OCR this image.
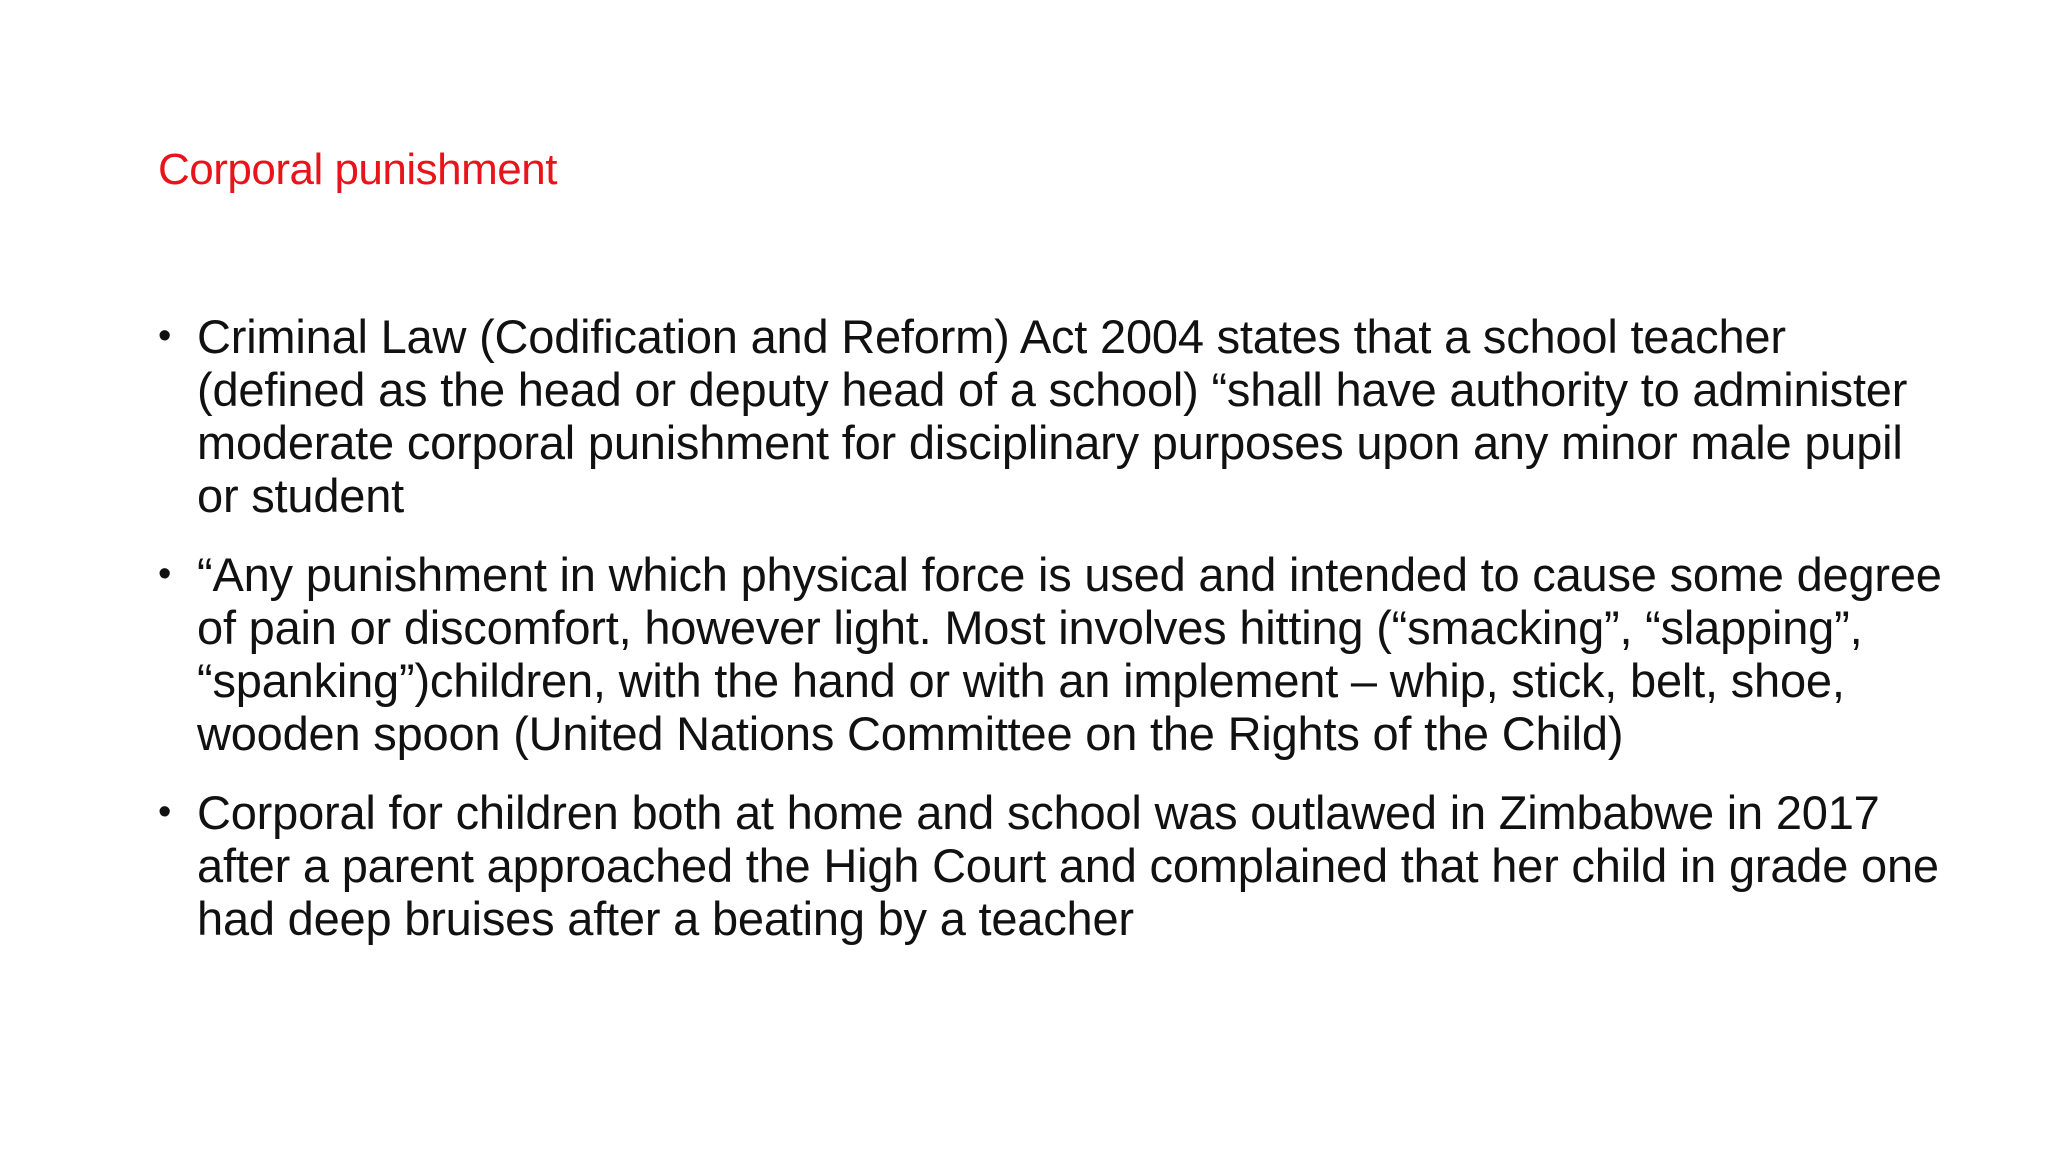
Corporal punishment
• Criminal Law (Codification and Reform) Act 2004 states that a school teacher (defined as the head or deputy head of a school) “shall have authority to administer moderate corporal punishment for disciplinary purposes upon any minor male pupil or student
• “Any punishment in which physical force is used and intended to cause some degree of pain or discomfort, however light. Most involves hitting (“smacking”, “slapping”, “spanking”)children, with the hand or with an implement – whip, stick, belt, shoe, wooden spoon (United Nations Committee on the Rights of the Child)
• Corporal for children both at home and school was outlawed in Zimbabwe in 2017 after a parent approached the High Court and complained that her child in grade one had deep bruises after a beating by a teacher
